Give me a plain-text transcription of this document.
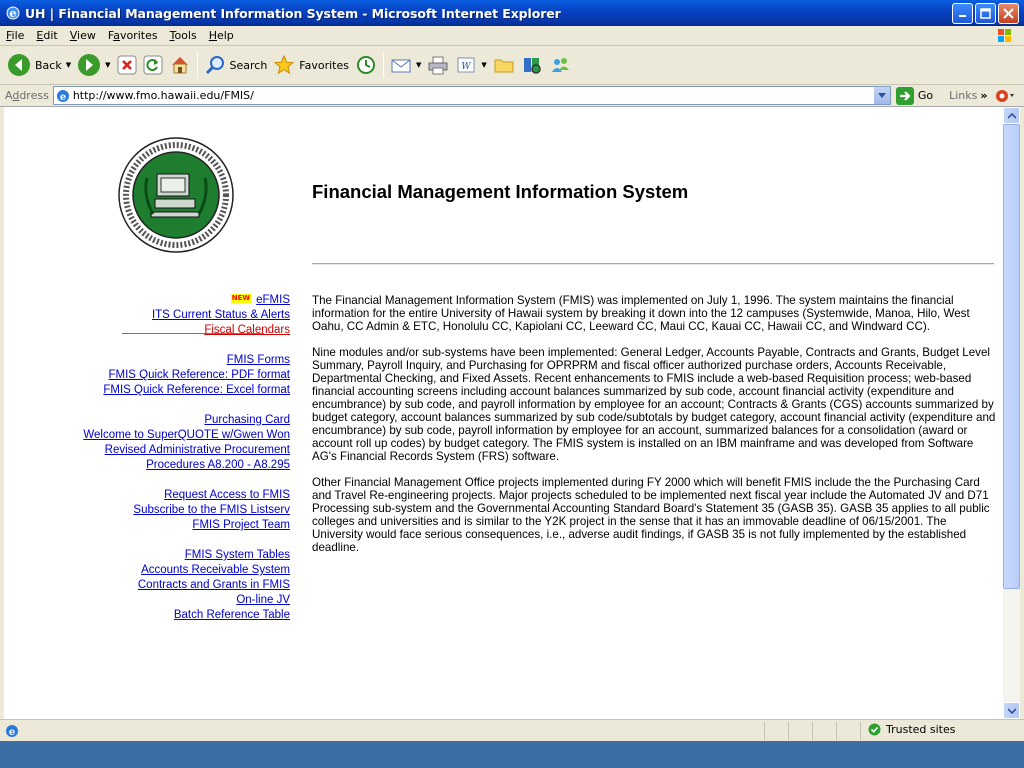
e UH | Financial Management Information System - Microsoft Internet Explorer
File	Edit	View	Favorites	Tools	Help
Back ▼	▼	Search	Favorites	▼	W ▼
Address	e
http://www.fmo.hawaii.edu/FMIS/	Go Links »
Financial Management Information System
NEW eFMIS
ITS Current Status & Alerts
Fiscal Calendars
FMIS Forms
FMIS Quick Reference: PDF format
FMIS Quick Reference: Excel format
Purchasing Card
Welcome to SuperQUOTE w/Gwen Won
Revised Administrative Procurement
Procedures A8.200 - A8.295
Request Access to FMIS
Subscribe to the FMIS Listserv
FMIS Project Team
FMIS System Tables
Accounts Receivable System
Contracts and Grants in FMIS
On-line JV
Batch Reference Table

The Financial Management Information System (FMIS) was implemented on July 1, 1996. The system maintains the financial information for the entire University of Hawaii system by breaking it down into the 12 campuses (Systemwide, Manoa, Hilo, West Oahu, CC Admin & ETC, Honolulu CC, Kapiolani CC, Leeward CC, Maui CC, Kauai CC, Hawaii CC, and Windward CC).

Nine modules and/or sub-systems have been implemented: General Ledger, Accounts Payable, Contracts and Grants, Budget Level Summary, Payroll Inquiry, and Purchasing for OPRPRM and fiscal officer authorized purchase orders, Accounts Receivable, Departmental Checking, and Fixed Assets. Recent enhancements to FMIS include a web-based Requisition process; web-based financial accounting screens including account balances summarized by sub code, account financial activity (expenditure and encumbrance) by sub code, and payroll information by employee for an account; Contracts & Grants (CGS) accounts summarized by budget category, account balances summarized by sub code/subtotals by budget category, account financial activity (expenditure and encumbrance) by sub code, payroll information by employee for an account, summarized balances for a consolidation (award or account roll up codes) by budget category. The FMIS system is installed on an IBM mainframe and was developed from Software AG's Financial Records System (FRS) software.

Other Financial Management Office projects implemented during FY 2000 which will benefit FMIS include the the Purchasing Card and Travel Re-engineering projects. Major projects scheduled to be implemented next fiscal year include the Automated JV and D71 Processing sub-system and the Governmental Accounting Standard Board's Statement 35 (GASB 35). GASB 35 applies to all public colleges and universities and is similar to the Y2K project in the sense that it has an immovable deadline of 06/15/2001. The University would face serious consequences, i.e., adverse audit findings, if GASB 35 is not fully implemented by the established deadline.

e	Trusted sites
